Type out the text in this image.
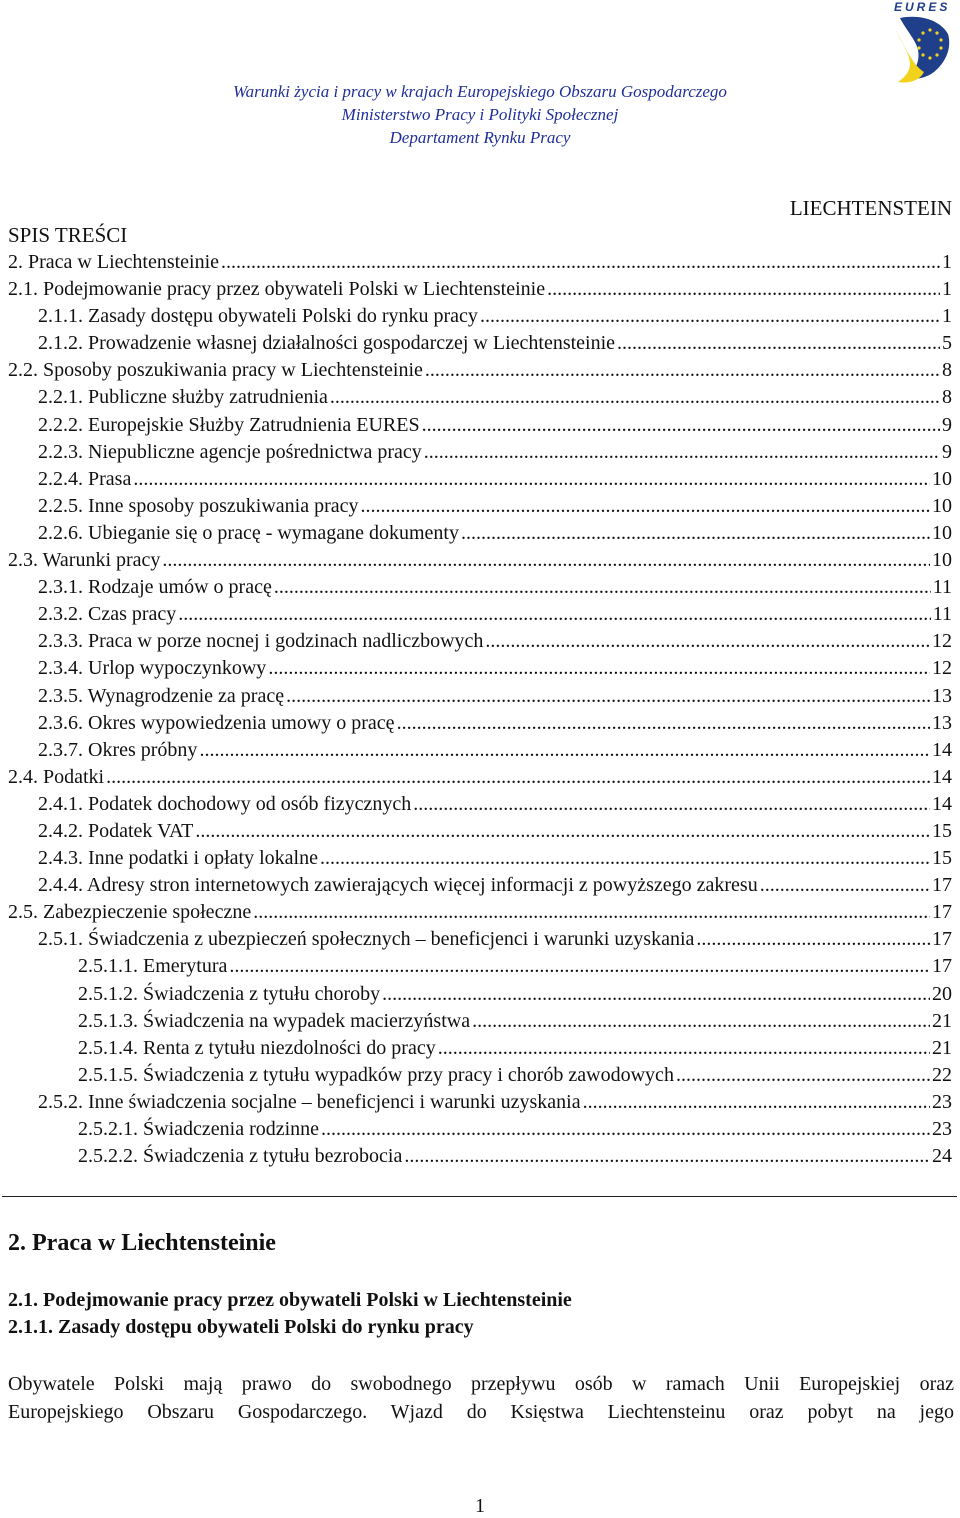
EURES
Warunki życia i pracy w krajach Europejskiego Obszaru Gospodarczego
Ministerstwo Pracy i Polityki Społecznej
Departament Rynku Pracy
LIECHTENSTEIN
SPIS TREŚCI
2. Praca w Liechtensteinie .....	1
2.1. Podejmowanie pracy przez obywateli Polski w Liechtensteinie .....	1
2.1.1. Zasady dostępu obywateli Polski do rynku pracy .....	1
2.1.2. Prowadzenie własnej działalności gospodarczej w Liechtensteinie .....	5
2.2. Sposoby poszukiwania pracy w Liechtensteinie .....	8
2.2.1. Publiczne służby zatrudnienia .....	8
2.2.2. Europejskie Służby Zatrudnienia EURES .....	9
2.2.3. Niepubliczne agencje pośrednictwa pracy .....	9
2.2.4. Prasa .....	10
2.2.5. Inne sposoby poszukiwania pracy .....	10
2.2.6. Ubieganie się o pracę - wymagane dokumenty .....	10
2.3. Warunki pracy .....	10
2.3.1. Rodzaje umów o pracę .....	11
2.3.2. Czas pracy .....	11
2.3.3. Praca w porze nocnej i godzinach nadliczbowych .....	12
2.3.4. Urlop wypoczynkowy .....	12
2.3.5. Wynagrodzenie za pracę .....	13
2.3.6. Okres wypowiedzenia umowy o pracę .....	13
2.3.7. Okres próbny .....	14
2.4. Podatki .....	14
2.4.1. Podatek dochodowy od osób fizycznych .....	14
2.4.2. Podatek VAT .....	15
2.4.3. Inne podatki i opłaty lokalne .....	15
2.4.4. Adresy stron internetowych zawierających więcej informacji z powyższego zakresu .....	17
2.5. Zabezpieczenie społeczne .....	17
2.5.1. Świadczenia z ubezpieczeń społecznych – beneficjenci i warunki uzyskania .....	17
2.5.1.1. Emerytura .....	17
2.5.1.2. Świadczenia z tytułu choroby .....	20
2.5.1.3. Świadczenia na wypadek macierzyństwa .....	21
2.5.1.4. Renta z tytułu niezdolności do pracy .....	21
2.5.1.5. Świadczenia z tytułu wypadków przy pracy i chorób zawodowych .....	22
2.5.2. Inne świadczenia socjalne – beneficjenci i warunki uzyskania .....	23
2.5.2.1. Świadczenia rodzinne .....	23
2.5.2.2. Świadczenia z tytułu bezrobocia .....	24
2. Praca w Liechtensteinie
2.1. Podejmowanie pracy przez obywateli Polski w Liechtensteinie
2.1.1. Zasady dostępu obywateli Polski do rynku pracy
Obywatele Polski mają prawo do swobodnego przepływu osób w ramach Unii Europejskiej oraz
Europejskiego Obszaru Gospodarczego. Wjazd do Księstwa Liechtensteinu oraz pobyt na jego
1
